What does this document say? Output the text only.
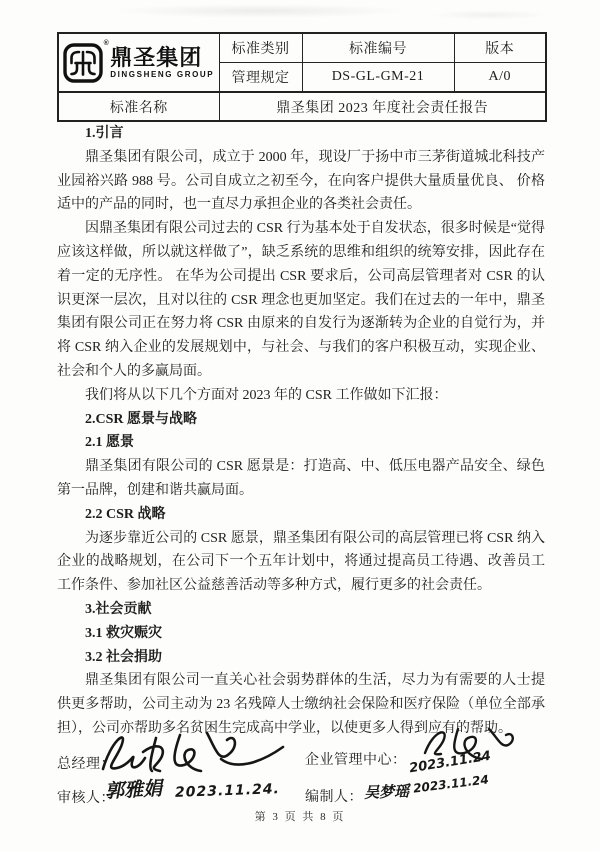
®
鼎圣集团
DINGSHENG GROUP	标准类别	标准编号	版本
	管理规定	DS-GL-GM-21	A/0
标准名称	鼎圣集团 2023 年度社会责任报告		

1.引言

鼎圣集团有限公司，成立于 2000 年，现设厂于扬中市三茅街道城北科技产业园裕兴路 988 号。公司自成立之初至今，在向客户提供大量质量优良、 价格适中的产品的同时，也一直尽力承担企业的各类社会责任。

因鼎圣集团有限公司过去的 CSR 行为基本处于自发状态，很多时候是“觉得应该这样做，所以就这样做了”，缺乏系统的思维和组织的统筹安排，因此存在着一定的无序性。 在华为公司提出 CSR 要求后，公司高层管理者对 CSR 的认识更深一层次，且对以往的 CSR 理念也更加坚定。我们在过去的一年中，鼎圣集团有限公司正在努力将 CSR 由原来的自发行为逐渐转为企业的自觉行为，并将 CSR 纳入企业的发展规划中，与社会、与我们的客户积极互动，实现企业、社会和个人的多赢局面。

我们将从以下几个方面对 2023 年的 CSR 工作做如下汇报：

2.CSR 愿景与战略

2.1 愿景

鼎圣集团有限公司的 CSR 愿景是：打造高、中、低压电器产品安全、绿色第一品牌，创建和谐共赢局面。

2.2 CSR 战略

为逐步靠近公司的 CSR 愿景，鼎圣集团有限公司的高层管理已将 CSR 纳入企业的战略规划，在公司下一个五年计划中，将通过提高员工待遇、改善员工工作条件、参加社区公益慈善活动等多种方式，履行更多的社会责任。

3.社会贡献

3.1 救灾赈灾

3.2 社会捐助

鼎圣集团有限公司一直关心社会弱势群体的生活，尽力为有需要的人士提供更多帮助，公司主动为 23 名残障人士缴纳社会保险和医疗保险（单位全部承担），公司亦帮助多名贫困生完成高中学业，以使更多人得到应有的帮助。

总经理：	企业管理中心： 2023.11.24
审核人：
郭雅娟 2023.11.24. 编制人： 吴梦瑶 2023.11.24
第 3 页 共 8 页
